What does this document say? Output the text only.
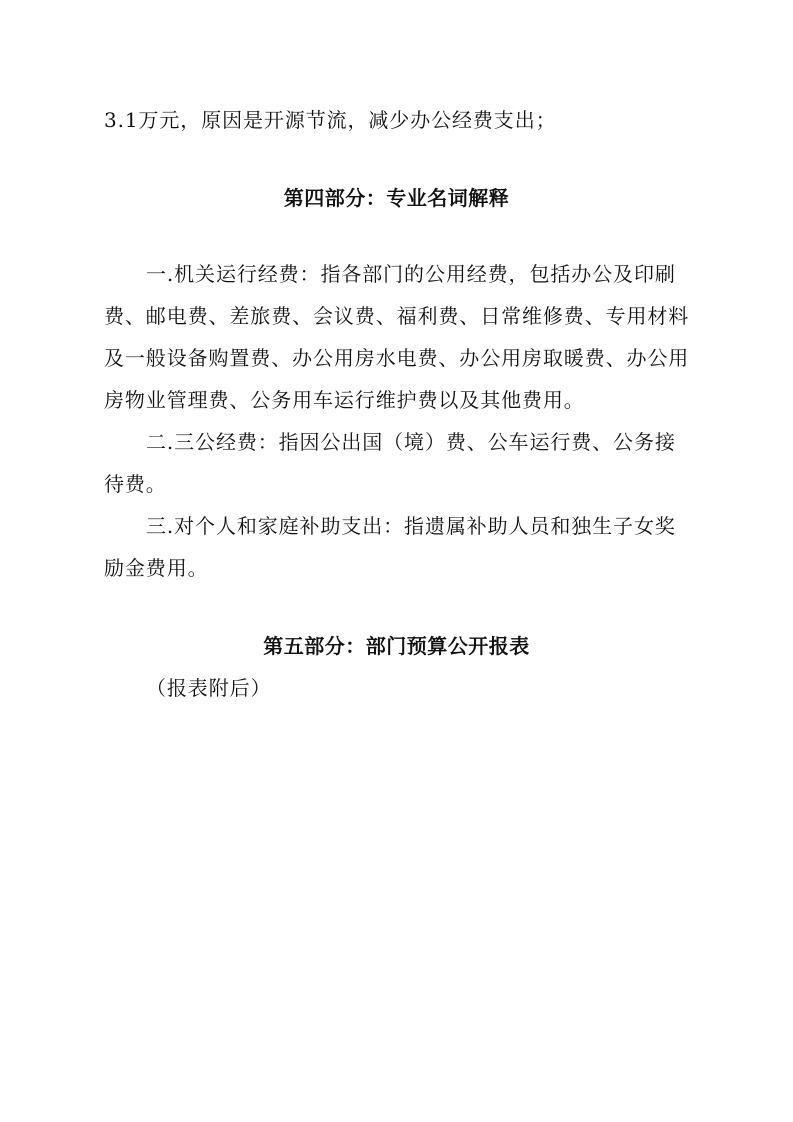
3.1万元，原因是开源节流，减少办公经费支出；
第四部分：专业名词解释
一.机关运行经费：指各部门的公用经费，包括办公及印刷
费、邮电费、差旅费、会议费、福利费、日常维修费、专用材料
及一般设备购置费、办公用房水电费、办公用房取暖费、办公用
房物业管理费、公务用车运行维护费以及其他费用。
二.三公经费：指因公出国（境）费、公车运行费、公务接
待费。
三.对个人和家庭补助支出：指遗属补助人员和独生子女奖
励金费用。
第五部分：部门预算公开报表
（报表附后）
